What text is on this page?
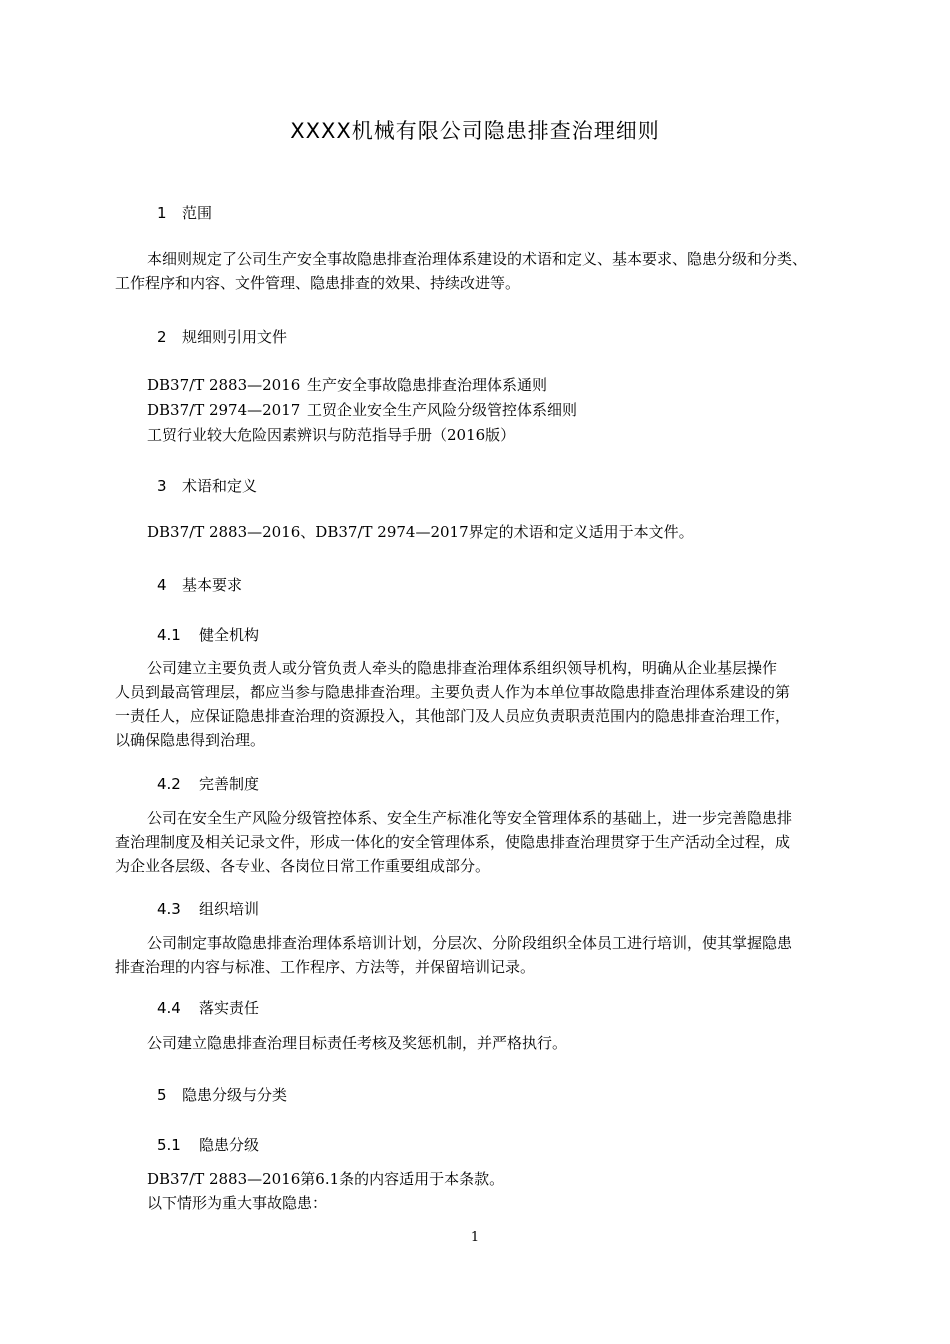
XXXX机械有限公司隐患排查治理细则
1 范围
本细则规定了公司生产安全事故隐患排查治理体系建设的术语和定义、基本要求、隐患分级和分类、
工作程序和内容、文件管理、隐患排查的效果、持续改进等。
2 规细则引用文件
DB37/T 2883—2016 生产安全事故隐患排查治理体系通则
DB37/T 2974—2017 工贸企业安全生产风险分级管控体系细则
工贸行业较大危险因素辨识与防范指导手册（2016版）
3 术语和定义
DB37/T 2883—2016、DB37/T 2974—2017界定的术语和定义适用于本文件。
4 基本要求
4.1 健全机构
公司建立主要负责人或分管负责人牵头的隐患排查治理体系组织领导机构，明确从企业基层操作
人员到最高管理层，都应当参与隐患排查治理。主要负责人作为本单位事故隐患排查治理体系建设的第
一责任人，应保证隐患排查治理的资源投入，其他部门及人员应负责职责范围内的隐患排查治理工作，
以确保隐患得到治理。
4.2 完善制度
公司在安全生产风险分级管控体系、安全生产标准化等安全管理体系的基础上，进一步完善隐患排
查治理制度及相关记录文件，形成一体化的安全管理体系，使隐患排查治理贯穿于生产活动全过程，成
为企业各层级、各专业、各岗位日常工作重要组成部分。
4.3 组织培训
公司制定事故隐患排查治理体系培训计划，分层次、分阶段组织全体员工进行培训，使其掌握隐患
排查治理的内容与标准、工作程序、方法等，并保留培训记录。
4.4 落实责任
公司建立隐患排查治理目标责任考核及奖惩机制，并严格执行。
5 隐患分级与分类
5.1 隐患分级
DB37/T 2883—2016第6.1条的内容适用于本条款。
以下情形为重大事故隐患：
1
